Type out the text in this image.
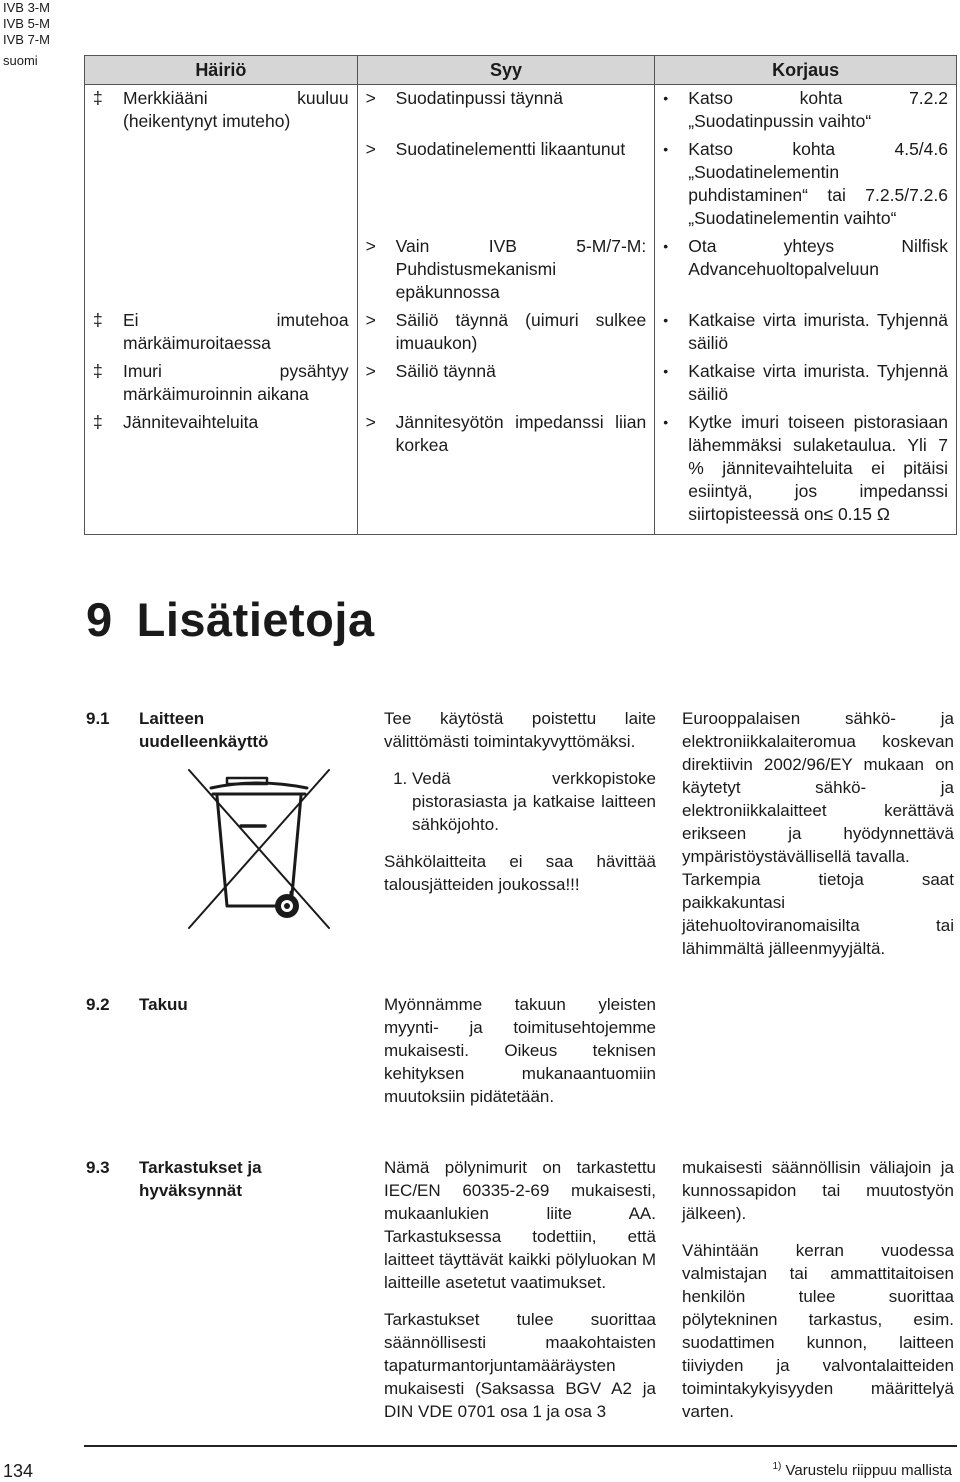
IVB 3-M
IVB 5-M
IVB 7-M
suomi	Häiriö	Syy	Korjaus

‡ Merkkiääni kuuluu (heikentynyt imuteho)	> Suodatinpussi täynnä	• Katso kohta 7.2.2 „Suodatinpussin vaihto“

	> Suodatinelementti likaantunut	• Katso kohta 4.5/4.6 „Suodatinelementin puhdistaminen“ tai 7.2.5/7.2.6 „Suodatinelementin vaihto“

	> Vain IVB 5-M/7-M: Puhdistusmekanismi epäkunnossa	• Ota yhteys Nilfisk Advancehuoltopalveluun

‡ Ei imutehoa märkäimuroitaessa	> Säiliö täynnä (uimuri sulkee imuaukon)	• Katkaise virta imurista. Tyhjennä säiliö

‡ Imuri pysähtyy märkäimuroinnin aikana	> Säiliö täynnä	• Katkaise virta imurista. Tyhjennä säiliö

‡ Jännitevaihteluita	> Jännitesyötön impedanssi liian korkea	• Kytke imuri toiseen pistorasiaan lähemmäksi sulaketaulua. Yli 7 % jännitevaihteluita ei pitäisi esiintyä, jos impedanssi siirtopisteessä on≤ 0.15 Ω
9 Lisätietoja
9.1 Laitteen
uudelleenkäyttö

Tee käytöstä poistettu laite välittömästi toimintakyvyttömäksi.

1. Vedä verkkopistoke pistorasiasta ja katkaise laitteen sähköjohto.

Sähkölaitteita ei saa hävittää talousjätteiden joukossa!!!

Eurooppalaisen sähkö- ja elektroniikkalaiteromua koskevan direktiivin 2002/96/EY mukaan on käytetyt sähkö- ja elektroniikkalaitteet kerättävä erikseen ja hyödynnettävä ympäristöystävällisellä tavalla.

Tarkempia tietoja saat paikkakuntasi jätehuoltoviranomaisilta tai lähimmältä jälleenmyyjältä.

9.2 Takuu	Myönnämme takuun yleisten myynti- ja toimitusehtojemme mukaisesti. Oikeus teknisen kehityksen mukanaantuomiin muutoksiin pidätetään.

9.3 Tarkastukset ja
hyväksynnät

Nämä pölynimurit on tarkastettu IEC/EN 60335-2-69 mukaisesti, mukaanlukien liite AA. Tarkastuksessa todettiin, että laitteet täyttävät kaikki pölyluokan M laitteille asetetut vaatimukset.

Tarkastukset tulee suorittaa säännöllisesti maakohtaisten tapaturmantorjuntamääräysten mukaisesti (Saksassa BGV A2 ja DIN VDE 0701 osa 1 ja osa 3

mukaisesti säännöllisin väliajoin ja kunnossapidon tai muutostyön jälkeen).

Vähintään kerran vuodessa valmistajan tai ammattitaitoisen henkilön tulee suorittaa pölytekninen tarkastus, esim. suodattimen kunnon, laitteen tiiviyden ja valvontalaitteiden toimintakykyisyyden määrittelyä varten.

134	$^{1)}$ Varustelu riippuu mallista
